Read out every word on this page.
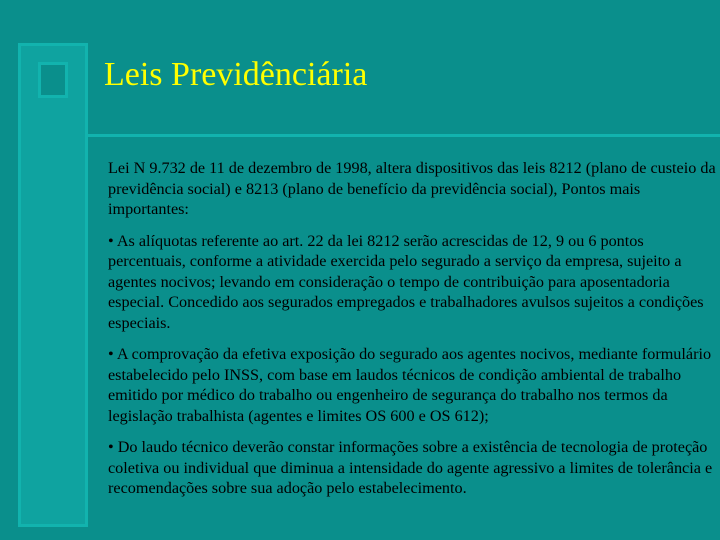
Leis Previdênciária

Lei N 9.732 de 11 de dezembro de 1998, altera dispositivos das leis 8212 (plano de custeio da previdência social) e 8213 (plano de benefício da previdência social), Pontos mais importantes:

• As alíquotas referente ao art. 22 da lei 8212 serão acrescidas de 12, 9 ou 6 pontos percentuais, conforme a atividade exercida pelo segurado a serviço da empresa, sujeito a agentes nocivos; levando em consideração o tempo de contribuição para aposentadoria especial. Concedido aos segurados empregados e trabalhadores avulsos sujeitos a condições especiais.

• A comprovação da efetiva exposição do segurado aos agentes nocivos, mediante formulário estabelecido pelo INSS, com base em laudos técnicos de condição ambiental de trabalho emitido por médico do trabalho ou engenheiro de segurança do trabalho nos termos da legislação trabalhista (agentes e limites OS 600 e OS 612);

• Do laudo técnico deverão constar informações sobre a existência de tecnologia de proteção coletiva ou individual que diminua a intensidade do agente agressivo a limites de tolerância e recomendações sobre sua adoção pelo estabelecimento.
